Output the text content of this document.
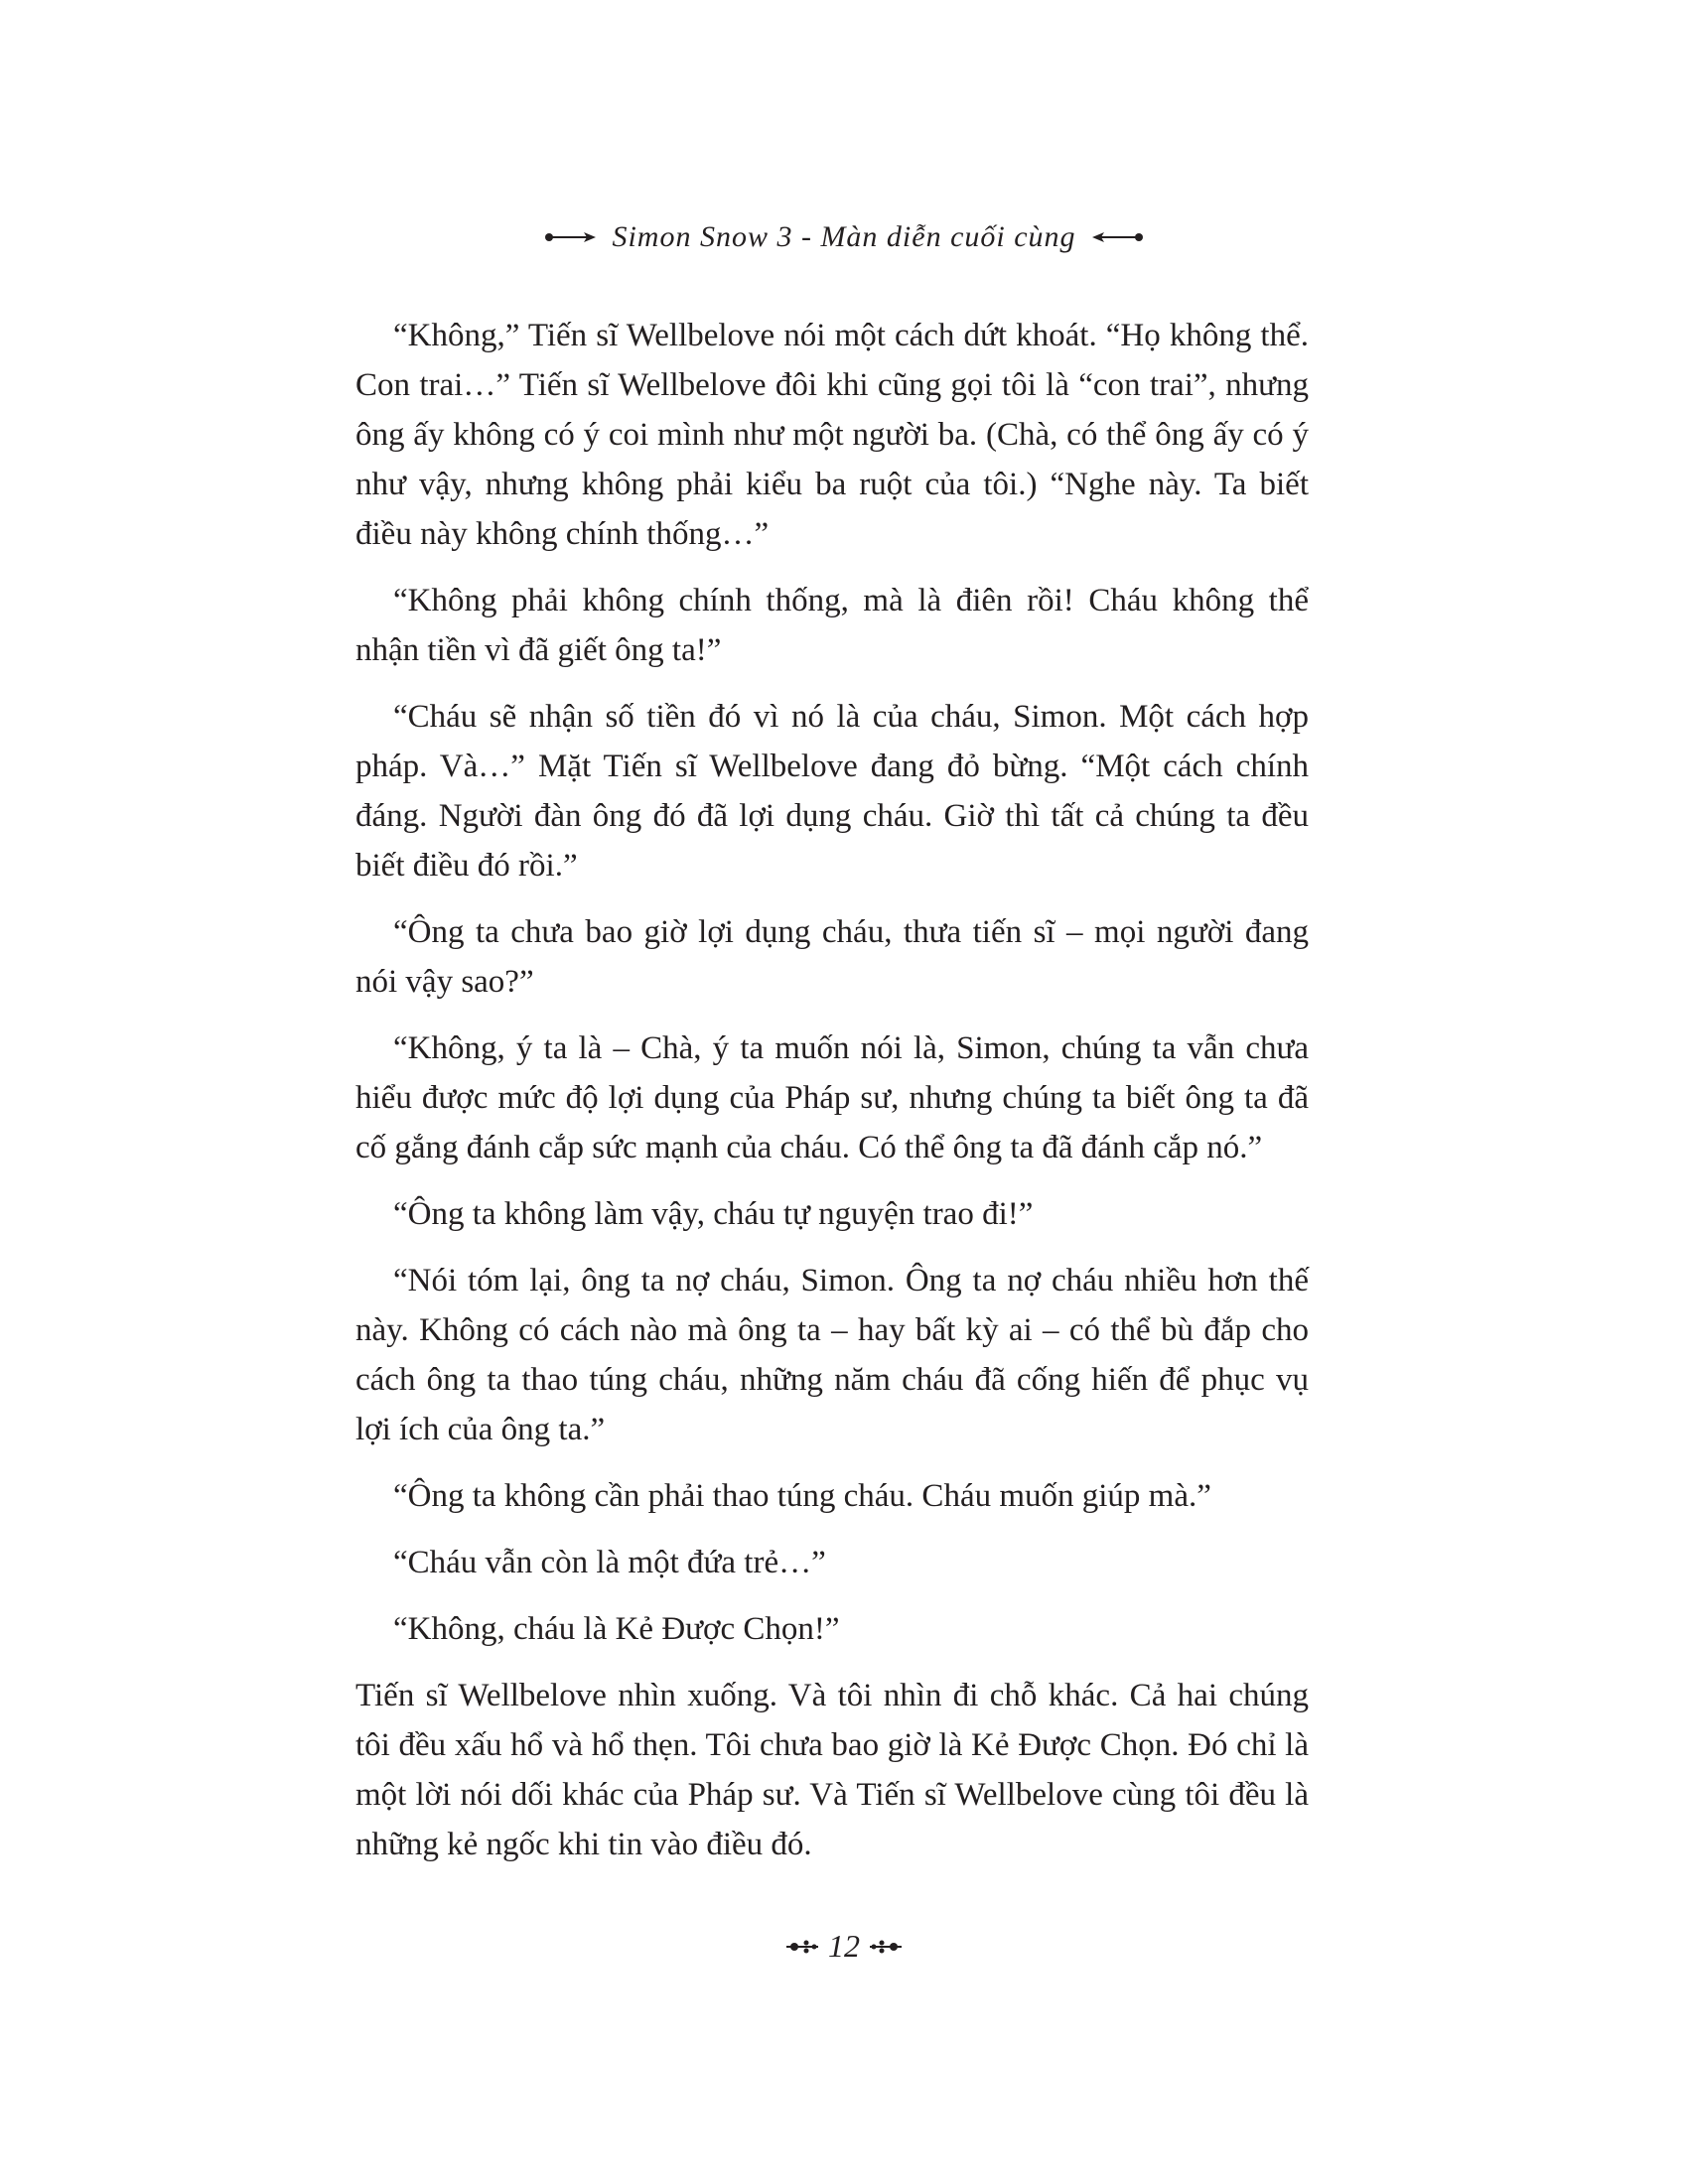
Simon Snow 3 - Màn diễn cuối cùng

“Không,” Tiến sĩ Wellbelove nói một cách dứt khoát. “Họ không thể. Con trai…” Tiến sĩ Wellbelove đôi khi cũng gọi tôi là “con trai”, nhưng ông ấy không có ý coi mình như một người ba. (Chà, có thể ông ấy có ý như vậy, nhưng không phải kiểu ba ruột của tôi.) “Nghe này. Ta biết điều này không chính thống…”

“Không phải không chính thống, mà là điên rồi! Cháu không thể nhận tiền vì đã giết ông ta!”

“Cháu sẽ nhận số tiền đó vì nó là của cháu, Simon. Một cách hợp pháp. Và…” Mặt Tiến sĩ Wellbelove đang đỏ bừng. “Một cách chính đáng. Người đàn ông đó đã lợi dụng cháu. Giờ thì tất cả chúng ta đều biết điều đó rồi.”

“Ông ta chưa bao giờ lợi dụng cháu, thưa tiến sĩ – mọi người đang nói vậy sao?”

“Không, ý ta là – Chà, ý ta muốn nói là, Simon, chúng ta vẫn chưa hiểu được mức độ lợi dụng của Pháp sư, nhưng chúng ta biết ông ta đã cố gắng đánh cắp sức mạnh của cháu. Có thể ông ta đã đánh cắp nó.”

“Ông ta không làm vậy, cháu tự nguyện trao đi!”

“Nói tóm lại, ông ta nợ cháu, Simon. Ông ta nợ cháu nhiều hơn thế này. Không có cách nào mà ông ta – hay bất kỳ ai – có thể bù đắp cho cách ông ta thao túng cháu, những năm cháu đã cống hiến để phục vụ lợi ích của ông ta.”

“Ông ta không cần phải thao túng cháu. Cháu muốn giúp mà.”

“Cháu vẫn còn là một đứa trẻ…”

“Không, cháu là Kẻ Được Chọn!”

Tiến sĩ Wellbelove nhìn xuống. Và tôi nhìn đi chỗ khác. Cả hai chúng tôi đều xấu hổ và hổ thẹn. Tôi chưa bao giờ là Kẻ Được Chọn. Đó chỉ là một lời nói dối khác của Pháp sư. Và Tiến sĩ Wellbelove cùng tôi đều là những kẻ ngốc khi tin vào điều đó.

12
